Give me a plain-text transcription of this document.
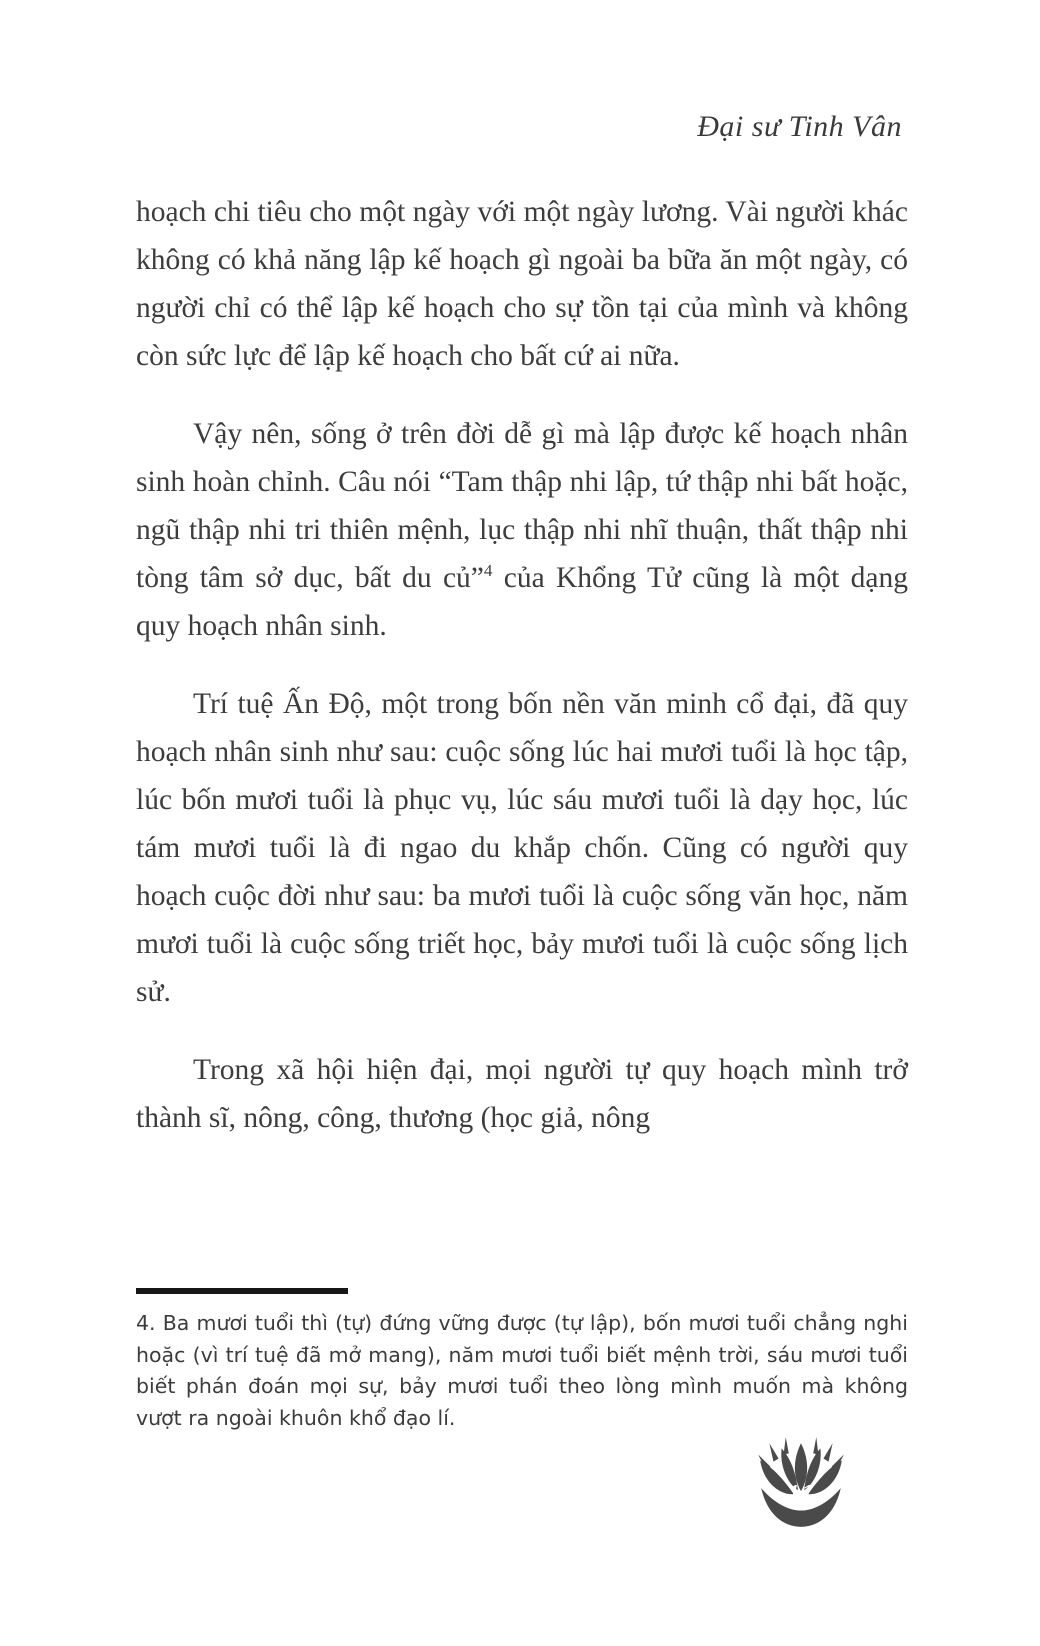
Đại sư Tinh Vân

hoạch chi tiêu cho một ngày với một ngày lương. Vài người khác không có khả năng lập kế hoạch gì ngoài ba bữa ăn một ngày, có người chỉ có thể lập kế hoạch cho sự tồn tại của mình và không còn sức lực để lập kế hoạch cho bất cứ ai nữa.

Vậy nên, sống ở trên đời dễ gì mà lập được kế hoạch nhân sinh hoàn chỉnh. Câu nói “Tam thập nhi lập, tứ thập nhi bất hoặc, ngũ thập nhi tri thiên mệnh, lục thập nhi nhĩ thuận, thất thập nhi tòng tâm sở dục, bất du củ”$^4$ của Khổng Tử cũng là một dạng quy hoạch nhân sinh.

Trí tuệ Ấn Độ, một trong bốn nền văn minh cổ đại, đã quy hoạch nhân sinh như sau: cuộc sống lúc hai mươi tuổi là học tập, lúc bốn mươi tuổi là phục vụ, lúc sáu mươi tuổi là dạy học, lúc tám mươi tuổi là đi ngao du khắp chốn. Cũng có người quy hoạch cuộc đời như sau: ba mươi tuổi là cuộc sống văn học, năm mươi tuổi là cuộc sống triết học, bảy mươi tuổi là cuộc sống lịch sử.

Trong xã hội hiện đại, mọi người tự quy hoạch mình trở thành sĩ, nông, công, thương (học giả, nông

4. Ba mươi tuổi thì (tự) đứng vững được (tự lập), bốn mươi tuổi chẳng nghi hoặc (vì trí tuệ đã mở mang), năm mươi tuổi biết mệnh trời, sáu mươi tuổi biết phán đoán mọi sự, bảy mươi tuổi theo lòng mình muốn mà không vượt ra ngoài khuôn khổ đạo lí.

11
